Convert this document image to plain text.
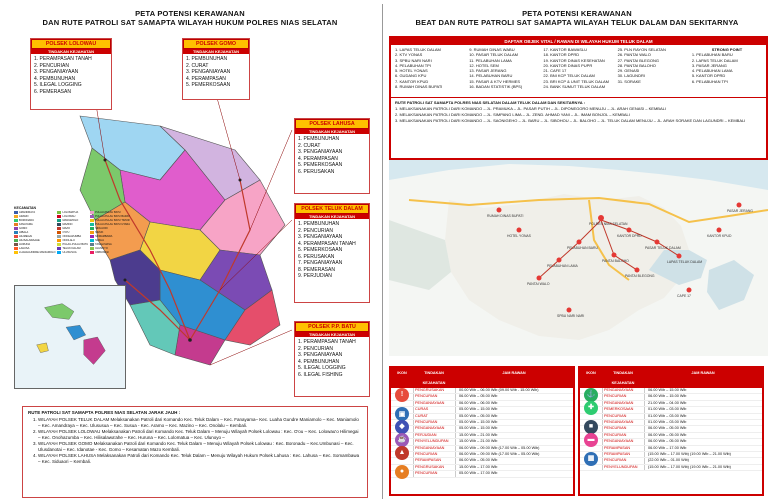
PETA POTENSI KERAWANAN
DAN RUTE PATROLI SAT SAMAPTA WILAYAH HUKUM POLRES NIAS SELATAN
KECAMATAN
AMANDRAYA	LOLOMATUA	PULAU-PULAU BATU
ARAMO	LOLOWAU	PULAU-PULAU BATU BARAT
BORONADU	MANIAMOLO	PULAU-PULAU BATU TIMUR
FANAYAMA	MAZINO	PULAU-PULAU BATU UTARA
GOMO	MAZO	SIDUAORI
HIBALA	O'O'U	SIMUK
HILIMEGAI	ONOHAZUMBA	SOMAMBAWA
HILISALAWAAHE	ONOLALU	SUSUA
HURUNA	PULAU-PULAU BATU	TANAH MASA
LAHUSA	TELUK DALAM	ULUNOYO
LUAHAGUNDRE MANIAMOLO	ULUSUSUA	UMBUNASI
POLSEK LOLOWAU
TINDAKAN KEJAHATAN
1. PERAMPASAN TANAH
2. PENCURIAN
3. PENGANIAYAAN
4. PEMBUNUHAN
5. ILEGAL LOGGING
6. PEMERASAN
POLSEK GOMO
TINDAKAN KEJAHATAN
1. PEMBUNUHAN
2. CURAT
3. PENGANIAYAAN
4. PERAMPASAN
5. PEMERKOSAAN
POLSEK LAHUSA
TINDAKAN KEJAHATAN
1. PEMBUNUHAN
2. CURAT
3. PENGANIAYAAN
4. PERAMPASAN
5. PEMERKOSAAN
6. PERUSAKAN
POLSEK TELUK DALAM
TINDAKAN KEJAHATAN
1. PEMBUNUHAN
2. PENCURIAN
3. PENGANIAYAAN
4. PERAMPASAN TANAH
5. PEMERKOSAAN
6. PERUSAKAN
7. PENGANIAYAAN
8. PEMERASAN
9. PERJUDIAN
POLSEK P.P. BATU
TINDAKAN KEJAHATAN
1. PERAMPASAN TANAH
2. PENCURIAN
3. PENGANIAYAAN
4. PEMBUNUHAN
5. ILEGAL LOGGING
6. ILEGAL FISHING
RUTE PATROLI SAT SAMAPTA POLRES NIAS SELATAN JARAK JAUH :
1. WILAYAH POLSEK TELUK DALAM Melaksanakan Patroli dari Komando Kec. Teluk Dalam – Kec. Fanayama– Kec. Luaha Gundre Maniamolo – Kec. Maniamolo – Kec. Amandraya – Kec. Ulususua – Kec. Susua - Kec. Aramo – Kec. Mazino – Kec. Onolalu – Kembali.
2. WILAYAH POLSEK LOLOWAU Melaksanakan Patroli dari Komando Kec. Teluk Dalam – Menuju Wilayah Polsek Lolowau : Kec. O'ou – Kec. Lolowau'o Hilimegai – Kec. Onohazumba – Kec. Hilisalawa'ahe – Kec. Huruna – Kec. Lolomatua – Kec. Ulunoyo –
3. WILAYAH POLSEK GOMO Melaksanakan Patroli dari Komando Kec. Teluk Dalam – Menuju Wilayah Polsek Lolowau : Kec. Boronadu – Kec.Umbunasi – Kec. Ulusdanotai – Kec. Idanotae - Kec. Gomo – Kesamatan Mazo Kembali.
4. WILAYAH POLSEK LAHUSA Melaksanakan Patroli dari Komando Kec. Teluk Dalam – Menuju Wilayah Hukum Polsek Lahusa : Kec. Lahusa – Kec. Somambawa – Kec. Siduaori – Kembali.
PETA POTENSI KERAWANAN
BEAT DAN RUTE PATROLI SAT SAMAPTA WILAYAH TELUK DALAM DAN SEKITARNYA
DAFTAR OBJEK VITAL / RAWAN DI WILAYAH HUKUM TELUK DALAM
1. LAPAS TELUK DALAM
2. KTV YONAS
3. SPBU NARI NARI
4. PELABUHAN TPI
5. HOTEL YONAS
6. GUDANG KPU
7. KANTOR KPUD
8. RUMAH DINAS BUPATI
9. RUMAH DINAS WABU
10. PASAR TELUK DALAM
11. PELABUHAN LAMA
12. HOTEL SEM
13. PASAR JERANG
14. PELABUHAN BARU
15. PASAR & KTV HERMES
16. BADAN STATISTIK (BPS)
17. KANTOR BAWASLU
18. KANTOR DPRD
19. KANTOR DINAS KESEHATAN
20. KANTOR DINAS PUPR
21. CAFE 17
22. BNI KCP TELUK DALAM
23. BRI KCP & UNIT TELUK DALAM
24. BANK SUMUT TELUK DALAM
25. PLN RAYON SELATAN
26. PANTAI WALO
27. PANTAI BLEGONG
28. PANTAI BALOHO
29. GENASI
30. LAGUNDRI
31. SORAKE

STRONG POINT
1. PELABUHAN BARU
2. LAPAS TELUK DALAM
3. PASAR JERANG
4. PELABUHAN LAMA
5. KANTOR DPRD
6. PELABUHAN TPI

RUTE PATROLI SAT SAMAPTA POLRES NIAS SELATAN DALAM TELUK DALAM DAN SEKITARNYA :
1. MELAKSANAKAN PATROLI DARI KOMANDO – JL. PRAMUKA – JL. PASAR PUTIH – JL. DIPONEGORO MENUJU – JL. ARAH GENASI – KEMBALI
2. MELAKSANAKAN PATROLI DARI KOMANDO – JL. SIMPANG LIMA – JL. ZEND. AHMAD YANI – JL. IMAM BONJOL – KEMBALI
3. MELAKSANAKAN PATROLI DARI KOMANDO – JL. SAONIGEHO – JL. BARU – JL. SIBOHOU – JL. BALOHO – JL. TELUK DALAM MENUJU – JL. ARAH SORAKE DAN LAGUNDRI – KEMBALI
POLRES NIAS SELATAN
KANTOR DPRD
PASAR TELUK DALAM
PELABUHAN BARU
PELABUHAN LAMA
PANTAI WALO
PANTAI BALOHO
PANTAI BLEGONG
LAPAS TELUK DALAM
RUMAH DINAS BUPATI
HOTEL YONAS
CAPE 17
SPBU NARI NARI
KANTOR KPUD
PASAR JERANG
IKON	TINDAKAN KEJAHATAN
JAM RAWAN
!
PENGRUSAKAN	00.00 Wib – 06.00 Wib (09.00 Wib - 15.00 Wib)
PENCURIAN	06.00 Wib – 05.00 Wib
PENGANIAYAAN	06.00 Wib – 06.00 Wib
▣
CURAS	05.00 Wib – 15.00 Wib
CURAT	05.00 Wib – 05.00 Wib
◆
PENCURIAN	05.00 Wib – 15.00 Wib
PENGANIAYAAN	05.00 Wib – 15.00 Wib
☕
PERJUDIAN	15.00 Wib – 21.00 Wib
PENYELUNDUPAN	15.00 Wib – 21.00 Wib
▲
PENGANIAYAAN	06.00 Wib – 09.00 Wib (17.00 Wib – 05.00 Wib)
PENCURIAN	06.00 Wib – 09.00 Wib (17.00 Wib – 05.00 Wib)
PERAMPASAN	06.00 Wib – 05.00 Wib
●
PENGRUSAKAN	15.00 Wib – 17.00 Wib
PENCURIAN	05.00 Wib – 17.00 Wib
IKON	TINDAKAN KEJAHATAN
JAM RAWAN
⚓
PENGANIAYAAN	06.00 Wib – 15.00 Wib
PENCURIAN	06.00 Wib – 15.00 Wib
✚
PENGANIAYAAN	21.00 Wib – 04.00 Wib
PEMERKOSAAN	01.00 Wib – 03.00 Wib
PENCURIAN	01.00 Wib – 03.00 Wib
■
PENGANIAYAAN	01.00 Wib – 03.00 Wib
PENCURIAN	06.00 Wib – 05.00 Wib
▬
PENCURIAN	06.00 Wib – 05.00 Wib
PENGANIAYAAN	06.00 Wib – 05.00 Wib
PERAMPASAN	06.00 Wib – 17.00 Wib
▦
PERAMPASAN	(15.00 Wib – 17.00 Wib) (19.00 Wib – 21.00 Wib)
PENCURIAN	(22.00 Wib – 01.00 Wib)
PENYELUNDUPAN	(15.00 Wib – 17.00 Wib) (19.00 Wib – 21.00 Wib)
